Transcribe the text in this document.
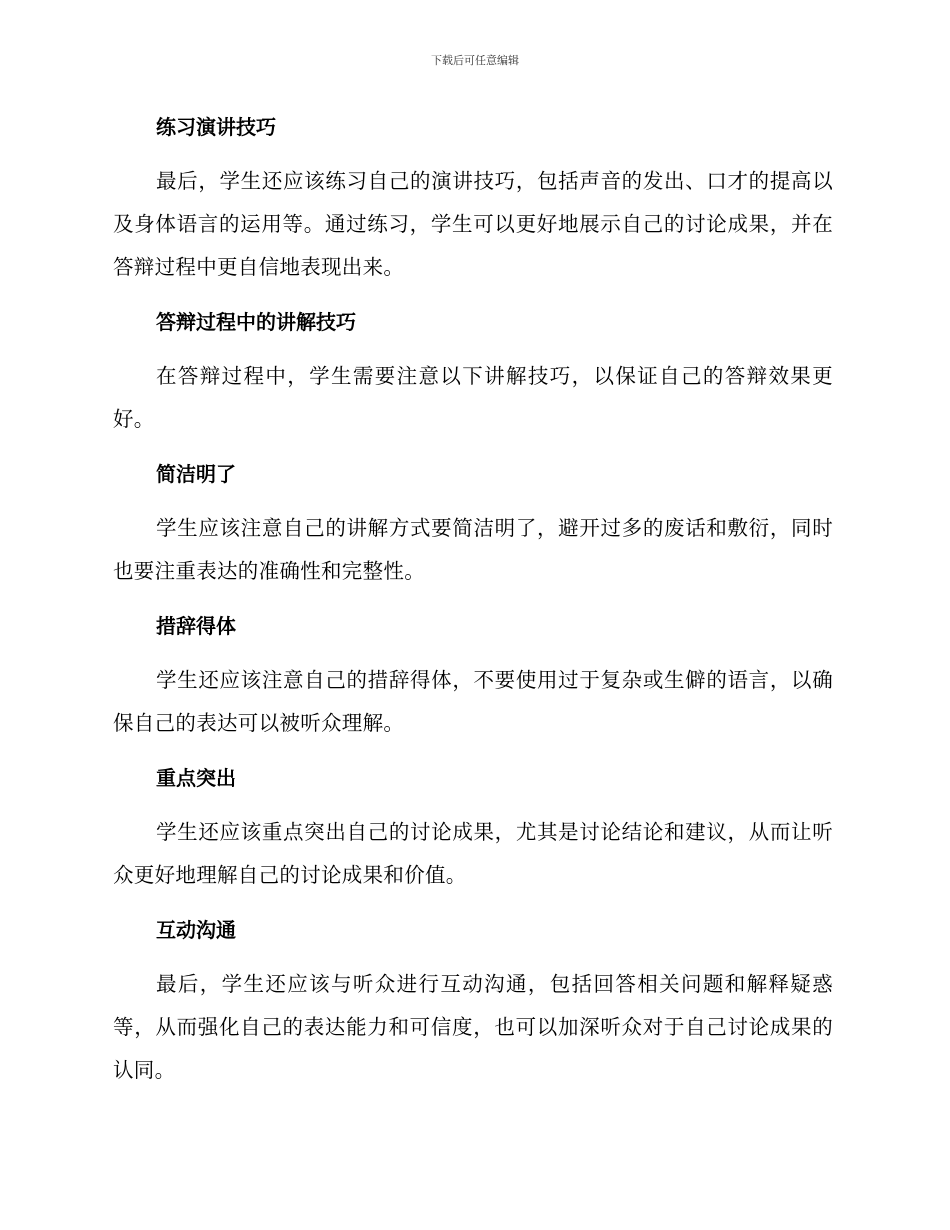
下载后可任意编辑
练习演讲技巧

最后，学生还应该练习自己的演讲技巧，包括声音的发出、口才的提高以及身体语言的运用等。通过练习，学生可以更好地展示自己的讨论成果，并在答辩过程中更自信地表现出来。

答辩过程中的讲解技巧

在答辩过程中，学生需要注意以下讲解技巧，以保证自己的答辩效果更好。

简洁明了

学生应该注意自己的讲解方式要简洁明了，避开过多的废话和敷衍，同时也要注重表达的准确性和完整性。

措辞得体

学生还应该注意自己的措辞得体，不要使用过于复杂或生僻的语言，以确保自己的表达可以被听众理解。

重点突出

学生还应该重点突出自己的讨论成果，尤其是讨论结论和建议，从而让听众更好地理解自己的讨论成果和价值。

互动沟通

最后，学生还应该与听众进行互动沟通，包括回答相关问题和解释疑惑等，从而强化自己的表达能力和可信度，也可以加深听众对于自己讨论成果的认同。
